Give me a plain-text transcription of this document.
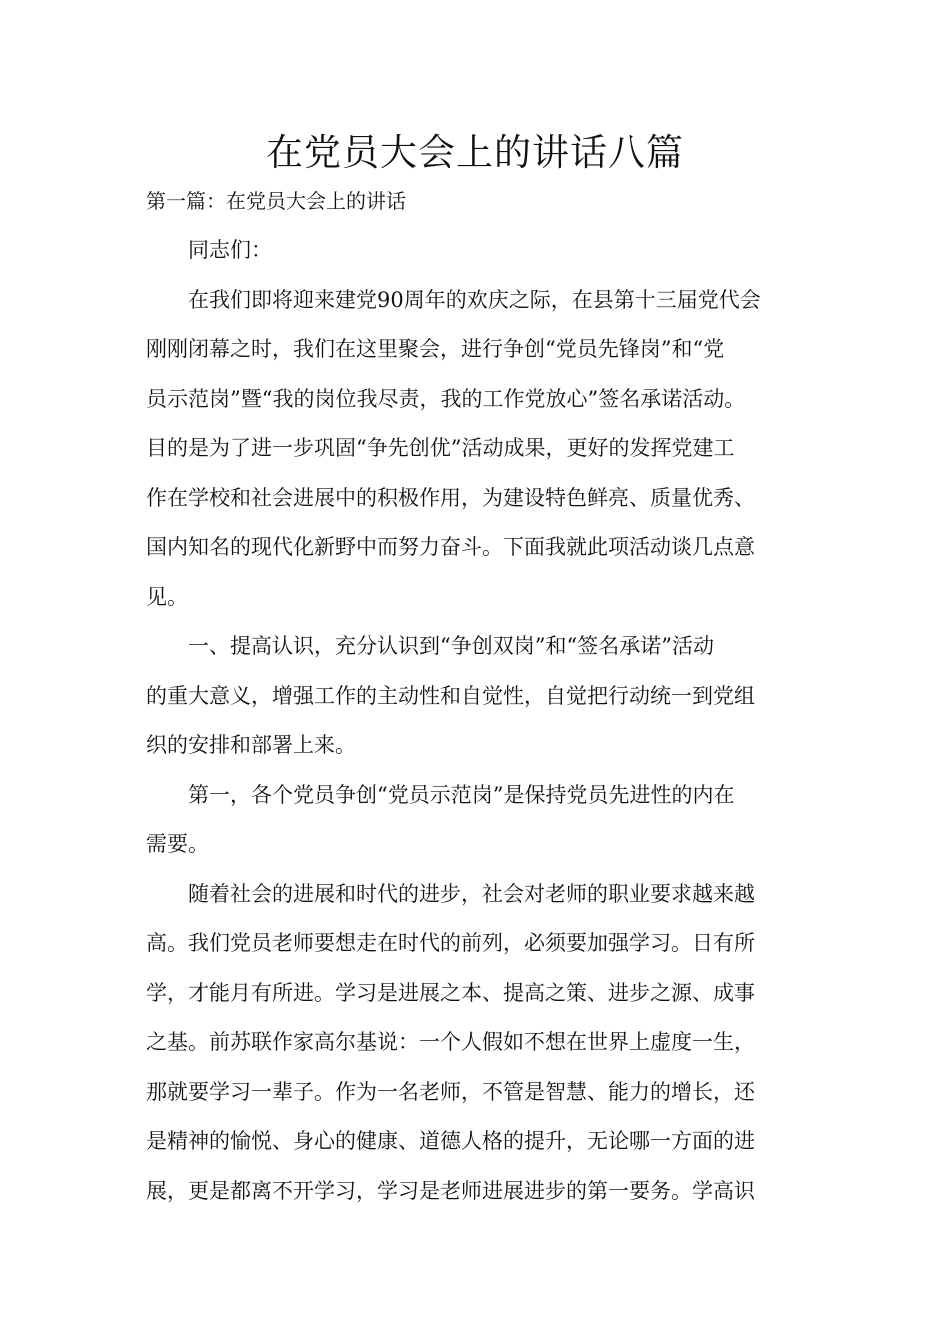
在党员大会上的讲话八篇

第一篇：在党员大会上的讲话

同志们：
在我们即将迎来建党90周年的欢庆之际，在县第十三届党代会
刚刚闭幕之时，我们在这里聚会，进行争创“党员先锋岗”和“党
员示范岗”暨“我的岗位我尽责，我的工作党放心”签名承诺活动。
目的是为了进一步巩固“争先创优”活动成果，更好的发挥党建工
作在学校和社会进展中的积极作用，为建设特色鲜亮、质量优秀、
国内知名的现代化新野中而努力奋斗。下面我就此项活动谈几点意
见。
一、提高认识，充分认识到“争创双岗”和“签名承诺”活动
的重大意义，增强工作的主动性和自觉性，自觉把行动统一到党组
织的安排和部署上来。
第一，各个党员争创“党员示范岗”是保持党员先进性的内在
需要。
随着社会的进展和时代的进步，社会对老师的职业要求越来越
高。我们党员老师要想走在时代的前列，必须要加强学习。日有所
学，才能月有所进。学习是进展之本、提高之策、进步之源、成事
之基。前苏联作家高尔基说：一个人假如不想在世界上虚度一生，
那就要学习一辈子。作为一名老师，不管是智慧、能力的增长，还
是精神的愉悦、身心的健康、道德人格的提升，无论哪一方面的进
展，更是都离不开学习，学习是老师进展进步的第一要务。学高识
